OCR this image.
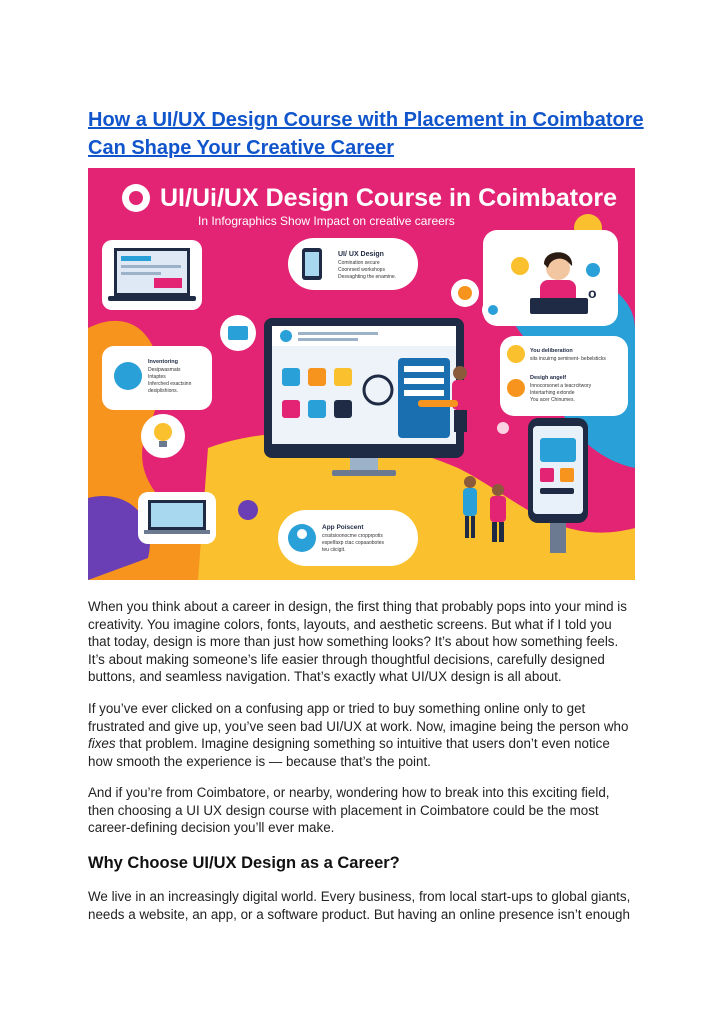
How a UI/UX Design Course with Placement in Coimbatore Can Shape Your Creative Career
UI/Ui/UX Design Course in Coimbatore
In Infographics Show Impact on creative careers
UI/ UX Design
Comination secure
Coonrsed workshops
Desvaghting the enamine.
o
Inventoring
Desipwasmats
Intaptes
Inferched exactsinn
desiplishions.
You deliberation
sits incuirng seminent- bebelsticks
Desigh angelf
Innocorsonet a teacrcitwory
Intertarhing extonde
You acer Chinumes.
App Poiscent
crsstsioonocme cropprpotis
espelfaxp ctac copaaobotes
teu ciicigit.

When you think about a career in design, the first thing that probably pops into your mind is creativity. You imagine colors, fonts, layouts, and aesthetic screens. But what if I told you that today, design is more than just how something looks? It’s about how something feels. It’s about making someone’s life easier through thoughtful decisions, carefully designed buttons, and seamless navigation. That’s exactly what UI/UX design is all about.

If you’ve ever clicked on a confusing app or tried to buy something online only to get frustrated and give up, you’ve seen bad UI/UX at work. Now, imagine being the person who fixes that problem. Imagine designing something so intuitive that users don’t even notice how smooth the experience is — because that’s the point.

And if you’re from Coimbatore, or nearby, wondering how to break into this exciting field, then choosing a UI UX design course with placement in Coimbatore could be the most career-defining decision you’ll ever make.

Why Choose UI/UX Design as a Career?

We live in an increasingly digital world. Every business, from local start-ups to global giants, needs a website, an app, or a software product. But having an online presence isn’t enough
